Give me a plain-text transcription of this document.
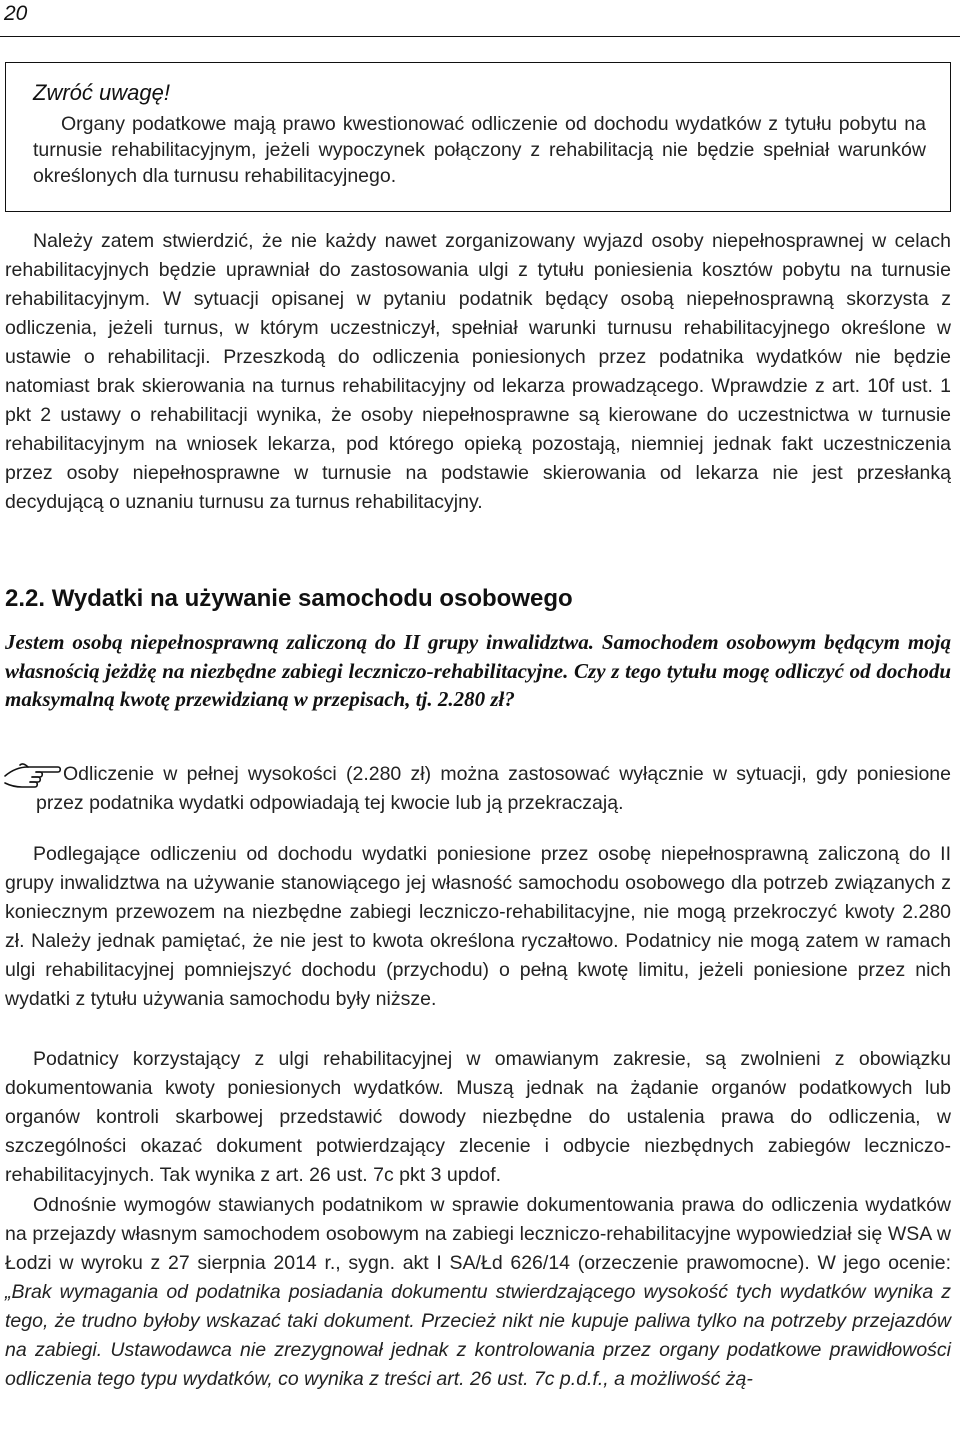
20
Zwróć uwagę!

Organy podatkowe mają prawo kwestionować odliczenie od dochodu wydatków z tytułu pobytu na turnusie rehabilitacyjnym, jeżeli wypoczynek połączony z rehabilitacją nie będzie spełniał warunków określonych dla turnusu rehabilitacyjnego.

Należy zatem stwierdzić, że nie każdy nawet zorganizowany wyjazd osoby niepełnosprawnej w celach rehabilitacyjnych będzie uprawniał do zastosowania ulgi z tytułu poniesienia kosztów pobytu na turnusie rehabilitacyjnym. W sytuacji opisanej w pytaniu podatnik będący osobą niepełnosprawną skorzysta z odliczenia, jeżeli turnus, w którym uczestniczył, spełniał warunki turnusu rehabilitacyjnego określone w ustawie o rehabilitacji. Przeszkodą do odliczenia poniesionych przez podatnika wydatków nie będzie natomiast brak skierowania na turnus rehabilitacyjny od lekarza prowadzącego. Wprawdzie z art. 10f ust. 1 pkt 2 ustawy o rehabilitacji wynika, że osoby niepełnosprawne są kierowane do uczestnictwa w turnusie rehabilitacyjnym na wniosek lekarza, pod którego opieką pozostają, niemniej jednak fakt uczestniczenia przez osoby niepełnosprawne w turnusie na podstawie skierowania od lekarza nie jest przesłanką decydującą o uznaniu turnusu za turnus rehabilitacyjny.

2.2. Wydatki na używanie samochodu osobowego

Jestem osobą niepełnosprawną zaliczoną do II grupy inwalidztwa. Samochodem osobowym będącym moją własnością jeżdżę na niezbędne zabiegi leczniczo-rehabilitacyjne. Czy z tego tytułu mogę odliczyć od dochodu maksymalną kwotę przewidzianą w przepisach, tj. 2.280 zł?

Odliczenie w pełnej wysokości (2.280 zł) można zastosować wyłącznie w sytuacji, gdy poniesione przez podatnika wydatki odpowiadają tej kwocie lub ją przekraczają.

Podlegające odliczeniu od dochodu wydatki poniesione przez osobę niepełnosprawną zaliczoną do II grupy inwalidztwa na używanie stanowiącego jej własność samochodu osobowego dla potrzeb związanych z koniecznym przewozem na niezbędne zabiegi leczniczo-rehabilitacyjne, nie mogą przekroczyć kwoty 2.280 zł. Należy jednak pamiętać, że nie jest to kwota określona ryczałtowo. Podatnicy nie mogą zatem w ramach ulgi rehabilitacyjnej pomniejszyć dochodu (przychodu) o pełną kwotę limitu, jeżeli poniesione przez nich wydatki z tytułu używania samochodu były niższe.

Podatnicy korzystający z ulgi rehabilitacyjnej w omawianym zakresie, są zwolnieni z obowiązku dokumentowania kwoty poniesionych wydatków. Muszą jednak na żądanie organów podatkowych lub organów kontroli skarbowej przedstawić dowody niezbędne do ustalenia prawa do odliczenia, w szczególności okazać dokument potwierdzający zlecenie i odbycie niezbędnych zabiegów leczniczo-rehabilitacyjnych. Tak wynika z art. 26 ust. 7c pkt 3 updof.

Odnośnie wymogów stawianych podatnikom w sprawie dokumentowania prawa do odliczenia wydatków na przejazdy własnym samochodem osobowym na zabiegi leczniczo-rehabilitacyjne wypowiedział się WSA w Łodzi w wyroku z 27 sierpnia 2014 r., sygn. akt I SA/Łd 626/14 (orzeczenie prawomocne). W jego ocenie: „Brak wymagania od podatnika posiadania dokumentu stwierdzającego wysokość tych wydatków wynika z tego, że trudno byłoby wskazać taki dokument. Przecież nikt nie kupuje paliwa tylko na potrzeby przejazdów na zabiegi. Ustawodawca nie zrezygnował jednak z kontrolowania przez organy podatkowe prawidłowości odliczenia tego typu wydatków, co wynika z treści art. 26 ust. 7c p.d.f., a możliwość żą-
